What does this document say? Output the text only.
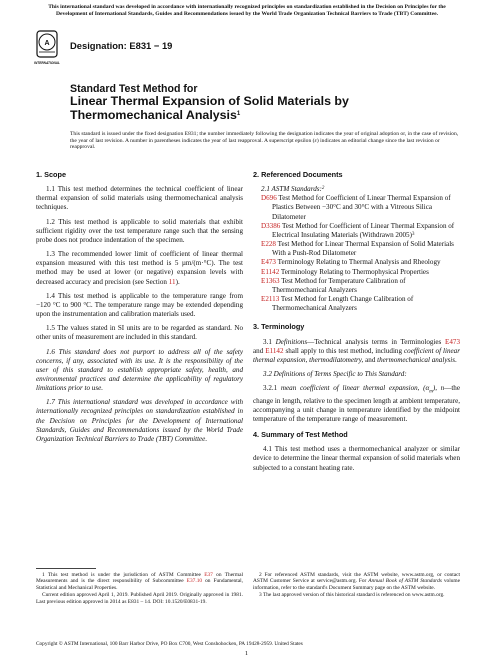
This international standard was developed in accordance with internationally recognized principles on standardization established in the Decision on Principles for the Development of International Standards, Guides and Recommendations issued by the World Trade Organization Technical Barriers to Trade (TBT) Committee.
A
INTERNATIONAL
Designation: E831 − 19
Standard Test Method for
Linear Thermal Expansion of Solid Materials by
Thermomechanical Analysis$^1$
This standard is issued under the fixed designation E831; the number immediately following the designation indicates the year of original adoption or, in the case of revision, the year of last revision. A number in parentheses indicates the year of last reapproval. A superscript epsilon (ε) indicates an editorial change since the last revision or reapproval.
1. Scope
1.1 This test method determines the technical coefficient of linear thermal expansion of solid materials using thermomechanical analysis techniques.
1.2 This test method is applicable to solid materials that exhibit sufficient rigidity over the test temperature range such that the sensing probe does not produce indentation of the specimen.
1.3 The recommended lower limit of coefficient of linear thermal expansion measured with this test method is 5 µm/(m·°C). The test method may be used at lower (or negative) expansion levels with decreased accuracy and precision (see Section 11).
1.4 This test method is applicable to the temperature range from −120 °C to 900 °C. The temperature range may be extended depending upon the instrumentation and calibration materials used.
1.5 The values stated in SI units are to be regarded as standard. No other units of measurement are included in this standard.
1.6 This standard does not purport to address all of the safety concerns, if any, associated with its use. It is the responsibility of the user of this standard to establish appropriate safety, health, and environmental practices and determine the applicability of regulatory limitations prior to use.
1.7 This international standard was developed in accordance with internationally recognized principles on standardization established in the Decision on Principles for the Development of International Standards, Guides and Recommendations issued by the World Trade Organization Technical Barriers to Trade (TBT) Committee.
2. Referenced Documents
2.1 ASTM Standards:$^2$
D696 Test Method for Coefficient of Linear Thermal Expansion of Plastics Between −30°C and 30°C with a Vitreous Silica Dilatometer
D3386 Test Method for Coefficient of Linear Thermal Expansion of Electrical Insulating Materials (Withdrawn 2005)$^3$
E228 Test Method for Linear Thermal Expansion of Solid Materials With a Push-Rod Dilatometer
E473 Terminology Relating to Thermal Analysis and Rheology
E1142 Terminology Relating to Thermophysical Properties
E1363 Test Method for Temperature Calibration of Thermomechanical Analyzers
E2113 Test Method for Length Change Calibration of Thermomechanical Analyzers
3. Terminology
3.1 Definitions—Technical analysis terms in Terminologies E473 and E1142 shall apply to this test method, including coefficient of linear thermal expansion, thermodilatometry, and thermomechanical analysis.
3.2 Definitions of Terms Specific to This Standard:
3.2.1 mean coefficient of linear thermal expansion, $(\alpha_m)$, n—the change in length, relative to the specimen length at ambient temperature, accompanying a unit change in temperature identified by the midpoint temperature of the temperature range of measurement.
4. Summary of Test Method
4.1 This test method uses a thermomechanical analyzer or similar device to determine the linear thermal expansion of solid materials when subjected to a constant heating rate.
1 This test method is under the jurisdiction of ASTM Committee E37 on Thermal Measurements and is the direct responsibility of Subcommittee E37.10 on Fundamental, Statistical and Mechanical Properties.
Current edition approved April 1, 2019. Published April 2019. Originally approved in 1981. Last previous edition approved in 2014 as E831 – 14. DOI: 10.1520/E0831-19.
2 For referenced ASTM standards, visit the ASTM website, www.astm.org, or contact ASTM Customer Service at service@astm.org. For Annual Book of ASTM Standards volume information, refer to the standard's Document Summary page on the ASTM website.
3 The last approved version of this historical standard is referenced on www.astm.org.
Copyright © ASTM International, 100 Barr Harbor Drive, PO Box C700, West Conshohocken, PA 19428-2959. United States
1
